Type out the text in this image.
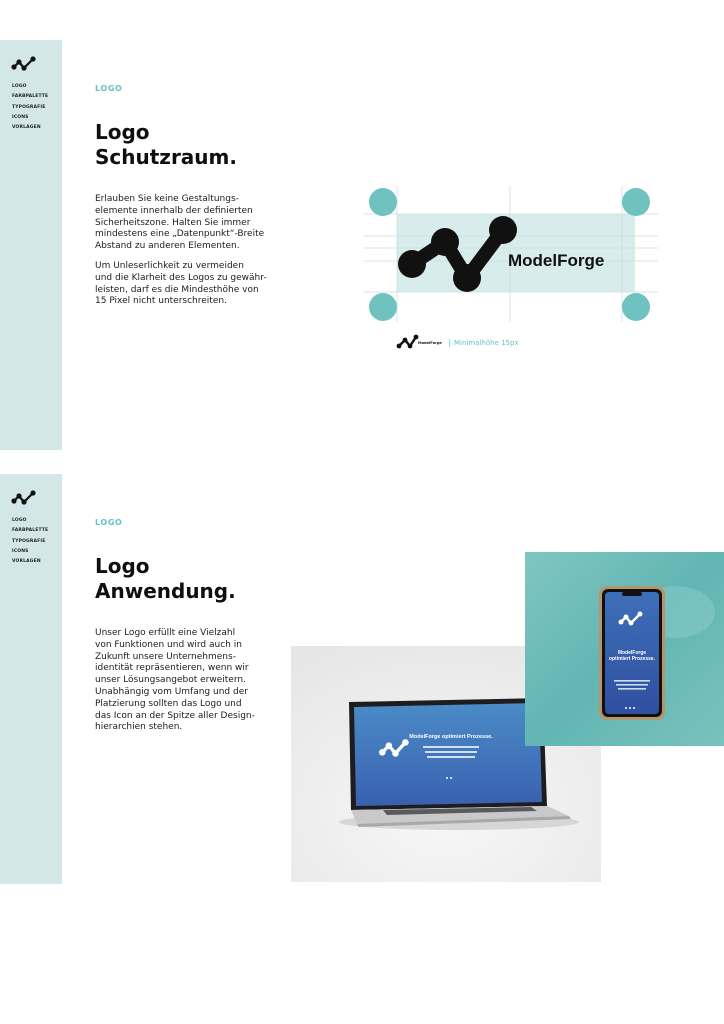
LOGO
FARBPALETTE
TYPOGRAFIE
ICONS
VORLAGEN
LOGO
Logo
Schutzraum.

Erlauben Sie keine Gestaltungs-
elemente innerhalb der definierten
Sicherheitszone. Halten Sie immer
mindestens eine „Datenpunkt“-Breite
Abstand zu anderen Elementen.

Um Unleserlichkeit zu vermeiden
und die Klarheit des Logos zu gewähr-
leisten, darf es die Mindesthöhe von
15 Pixel nicht unterschreiten.

ModelForge
ModelForge	Minimalhöhe 15px
LOGO
FARBPALETTE
TYPOGRAFIE
ICONS
VORLAGEN
LOGO
Logo
Anwendung.

Unser Logo erfüllt eine Vielzahl
von Funktionen und wird auch in
Zukunft unsere Unternehmens-
identität repräsentieren, wenn wir
unser Lösungsangebot erweitern.
Unabhängig vom Umfang und der
Platzierung sollten das Logo und
das Icon an der Spitze aller Design-
hierarchien stehen.

ModelForge optimiert Prozesse.
ModelForge optimiert Prozesse.
